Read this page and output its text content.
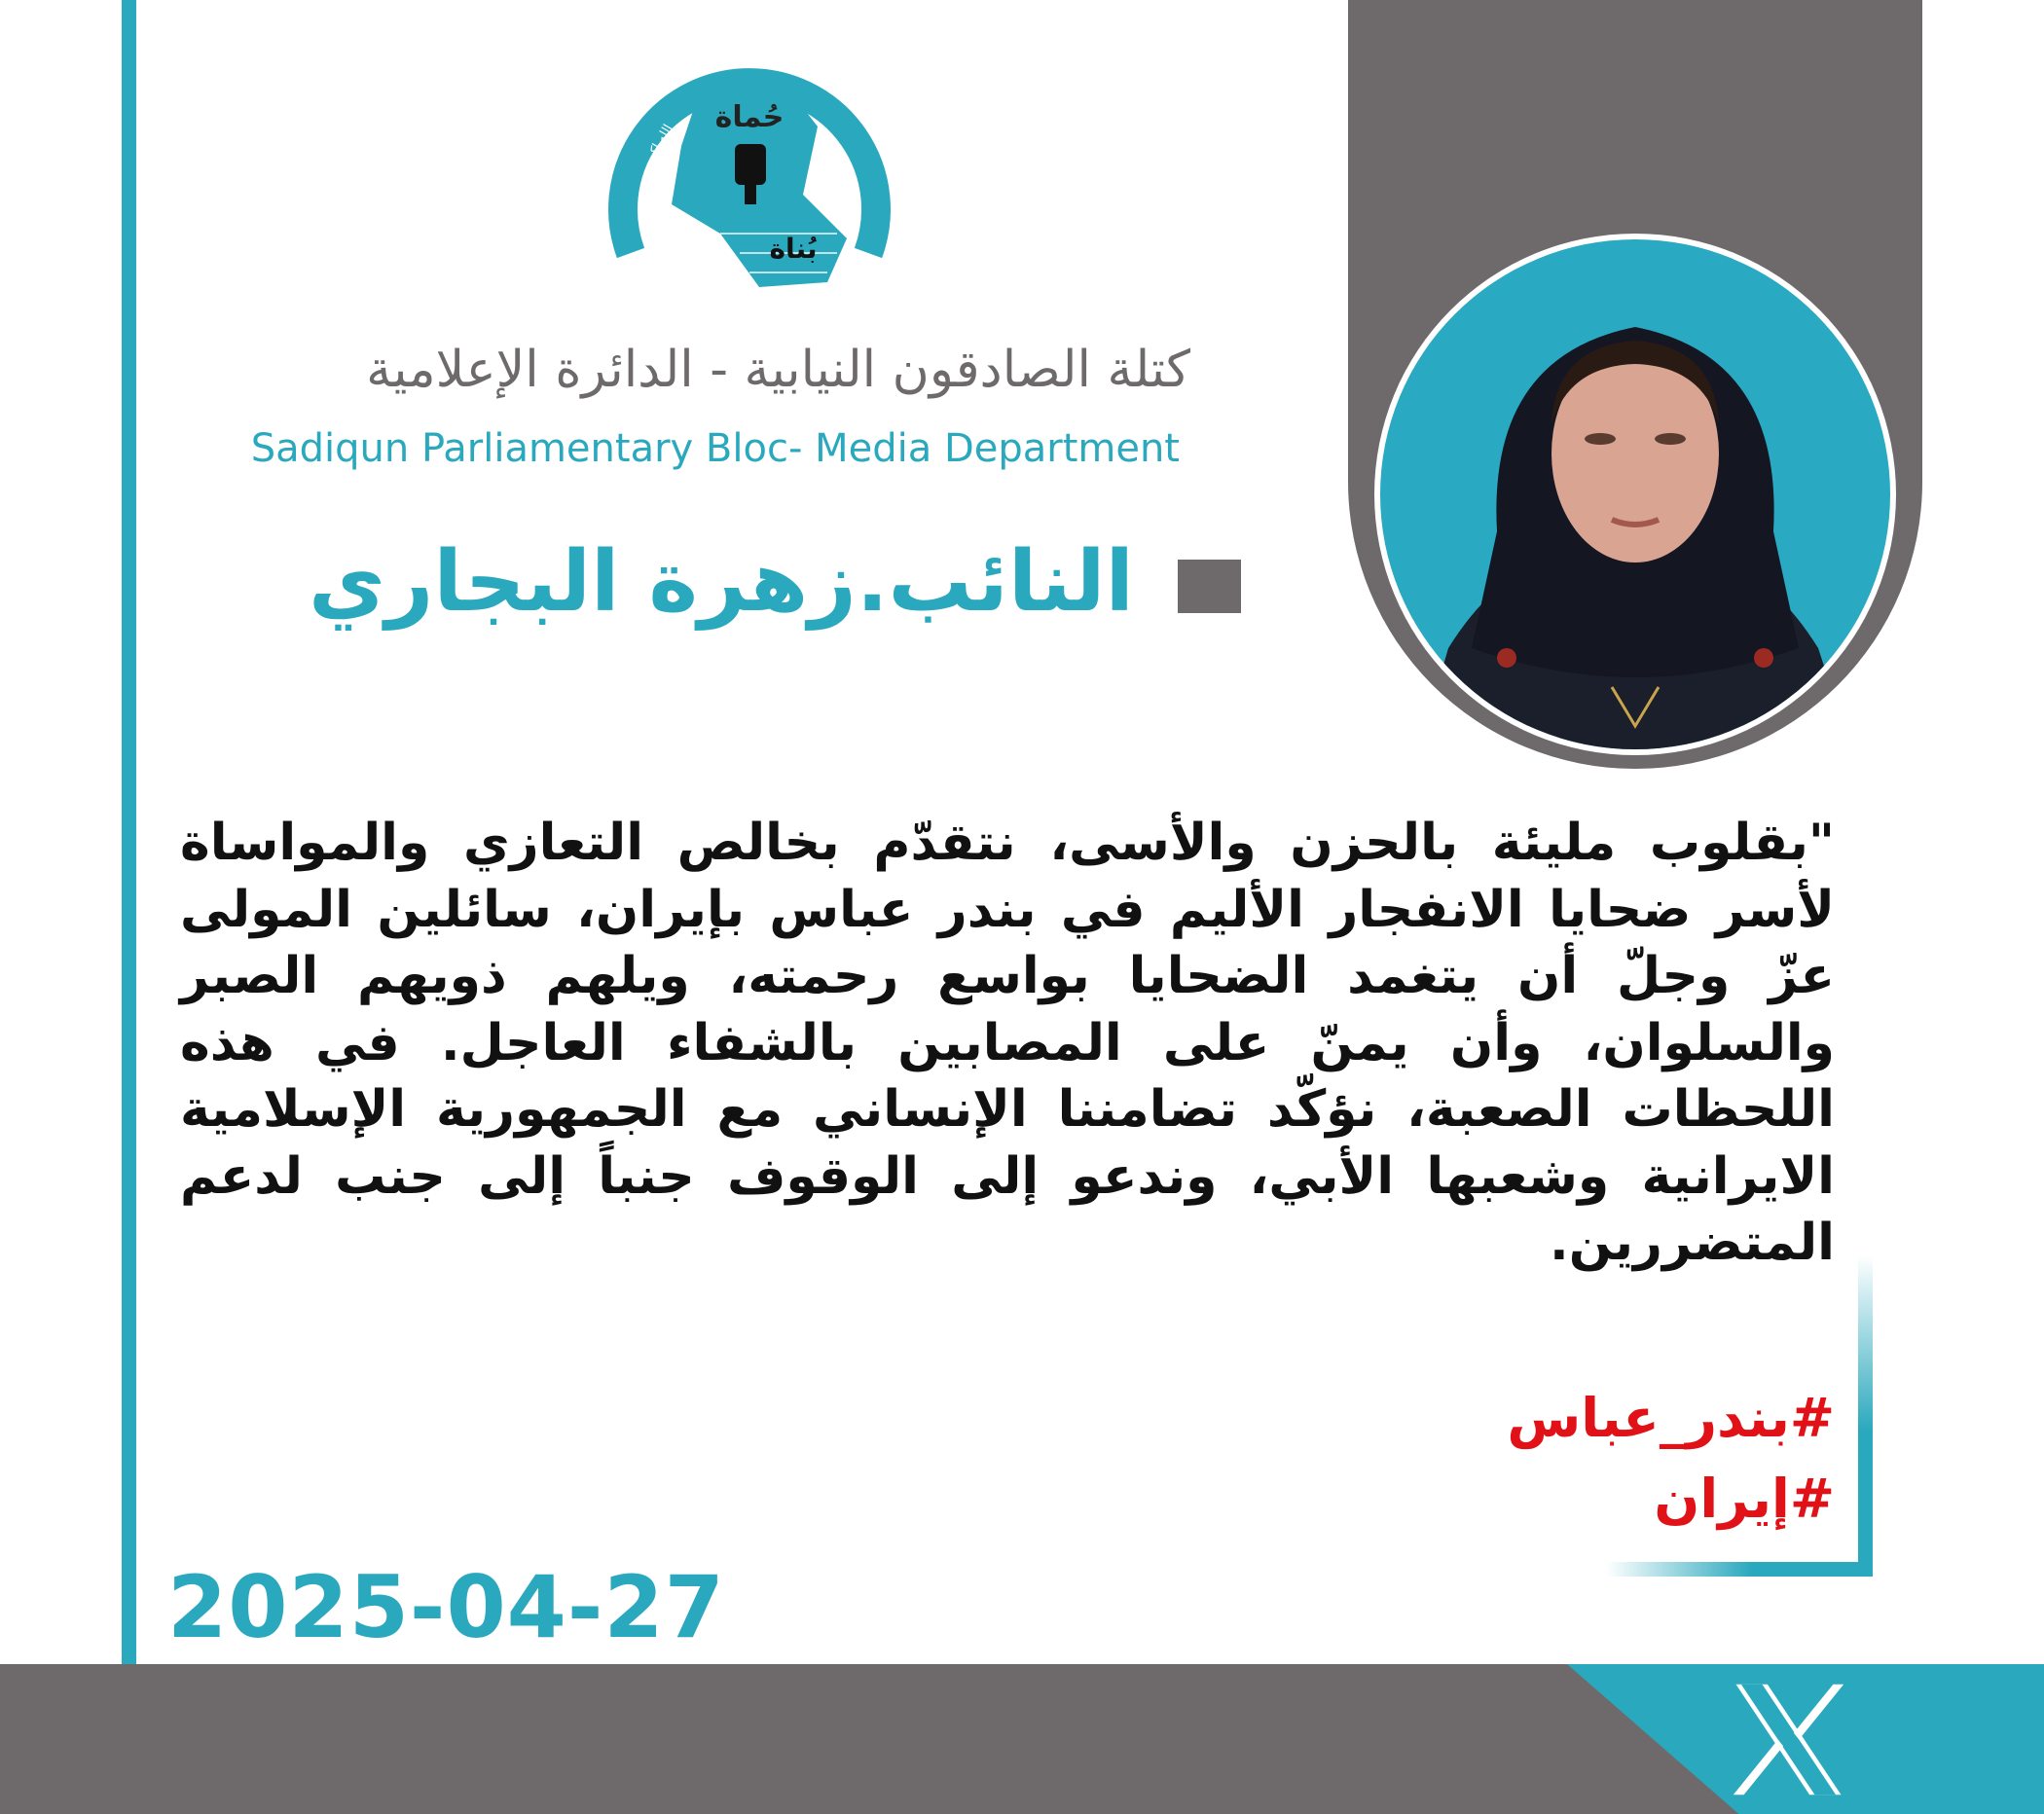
حركة الصادقون
الله اكبر
حُماة
بُناة
كتلة الصادقون النيابية - الدائرة الإعلامية
Sadiqun Parliamentary Bloc- Media Department
النائب.زهرة البجاري
"بقلوب مليئة بالحزن والأسى، نتقدّم بخالص التعازي والمواساة لأسر ضحايا الانفجار الأليم في بندر عباس بإيران، سائلين المولى عزّ وجلّ أن يتغمد الضحايا بواسع رحمته، ويلهم ذويهم الصبر والسلوان، وأن يمنّ على المصابين بالشفاء العاجل. في هذه اللحظات الصعبة، نؤكّد تضامننا الإنساني مع الجمهورية الإسلامية الايرانية وشعبها الأبي، وندعو إلى الوقوف جنباً إلى جنب لدعم المتضررين.
#بندر_عباس
#إيران
2025-04-27
